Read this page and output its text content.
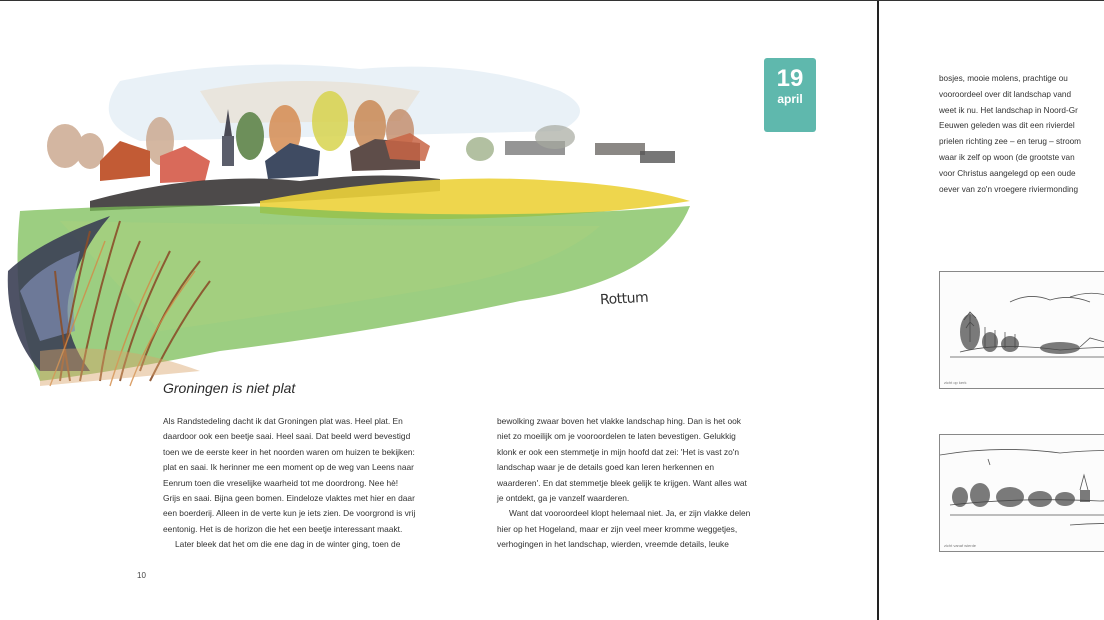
19
april
Rottum
Groningen is niet plat

Als Randstedeling dacht ik dat Groningen plat was. Heel plat. En

daardoor ook een beetje saai. Heel saai. Dat beeld werd bevestigd

toen we de eerste keer in het noorden waren om huizen te bekijken:

plat en saai. Ik herinner me een moment op de weg van Leens naar

Eenrum toen die vreselijke waarheid tot me doordrong. Nee hè!

Grijs en saai. Bijna geen bomen. Eindeloze vlaktes met hier en daar

een boerderij. Alleen in de verte kun je iets zien. De voorgrond is vrij

eentonig. Het is de horizon die het een beetje interessant maakt.

Later bleek dat het om die ene dag in de winter ging, toen de

bewolking zwaar boven het vlakke landschap hing. Dan is het ook

niet zo moeilijk om je vooroordelen te laten bevestigen. Gelukkig

klonk er ook een stemmetje in mijn hoofd dat zei: 'Het is vast zo'n

landschap waar je de details goed kan leren herkennen en

waarderen'. En dat stemmetje bleek gelijk te krijgen. Want alles wat

je ontdekt, ga je vanzelf waarderen.

Want dat vooroordeel klopt helemaal niet. Ja, er zijn vlakke delen

hier op het Hogeland, maar er zijn veel meer kromme weggetjes,

verhogingen in het landschap, wierden, vreemde details, leuke

10

bosjes, mooie molens, prachtige ou

vooroordeel over dit landschap vand

weet ik nu. Het landschap in Noord-Gr

Eeuwen geleden was dit een rivierdel

prielen richting zee – en terug – stroom

waar ik zelf op woon (de grootste van

voor Christus aangelegd op een oude

oever van zo'n vroegere riviermonding

zicht op kerk
zicht vanaf wierde
